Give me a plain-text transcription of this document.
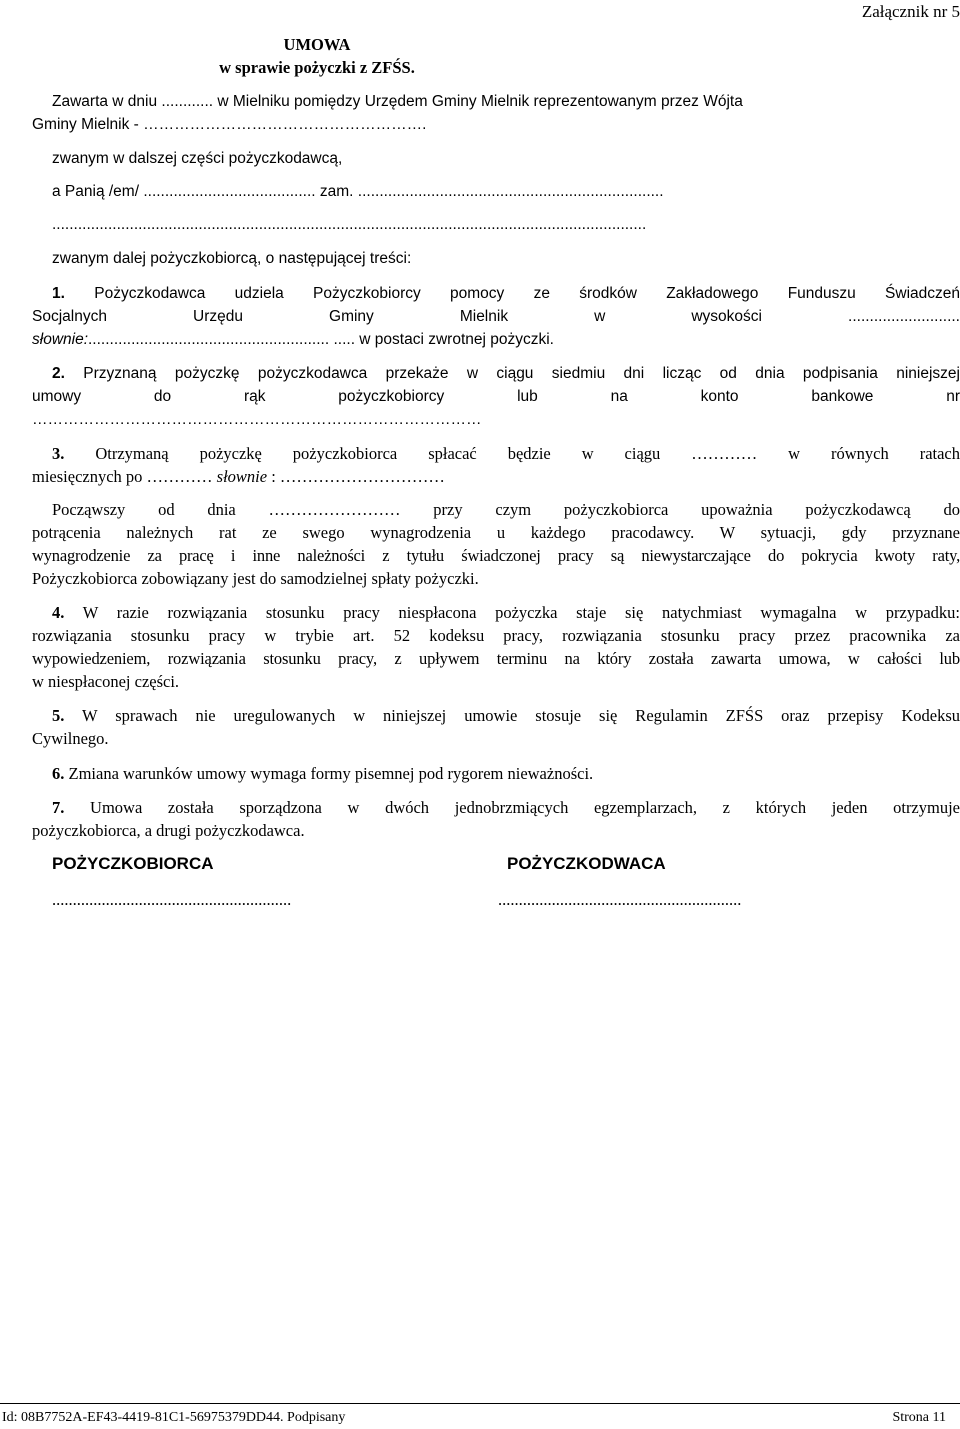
Załącznik nr 5
UMOWA
w sprawie pożyczki z ZFŚS.
Zawarta w dniu ............ w Mielniku pomiędzy Urzędem Gminy Mielnik reprezentowanym przez Wójta
Gminy Mielnik - ……………………………………………….
zwanym w dalszej części pożyczkodawcą,
a Panią /em/ ........................................ zam. .......................................................................
..........................................................................................................................................
zwanym dalej pożyczkobiorcą, o następującej treści:
1. Pożyczkodawca udziela Pożyczkobiorcy pomocy ze środków Zakładowego Funduszu Świadczeń
Socjalnych Urzędu Gminy Mielnik w wysokości ..........................
słownie:........................................................ ..... w postaci zwrotnej pożyczki.
2. Przyznaną pożyczkę pożyczkodawca przekaże w ciągu siedmiu dni licząc od dnia podpisania niniejszej
umowy do rąk pożyczkobiorcy lub na konto bankowe nr
……………………………………………………………………………
3. Otrzymaną pożyczkę pożyczkobiorca spłacać będzie w ciągu ………… w równych ratach
miesięcznych po ………… słownie : …………………………
Począwszy od dnia …………………… przy czym pożyczkobiorca upoważnia pożyczkodawcą do
potrącenia należnych rat ze swego wynagrodzenia u każdego pracodawcy. W sytuacji, gdy przyznane
wynagrodzenie za pracę i inne należności z tytułu świadczonej pracy są niewystarczające do pokrycia kwoty raty,
Pożyczkobiorca zobowiązany jest do samodzielnej spłaty pożyczki.
4. W razie rozwiązania stosunku pracy niespłacona pożyczka staje się natychmiast wymagalna w przypadku:
rozwiązania stosunku pracy w trybie art. 52 kodeksu pracy, rozwiązania stosunku pracy przez pracownika za
wypowiedzeniem, rozwiązania stosunku pracy, z upływem terminu na który została zawarta umowa, w całości lub
w niespłaconej części.
5. W sprawach nie uregulowanych w niniejszej umowie stosuje się Regulamin ZFŚS oraz przepisy Kodeksu
Cywilnego.
6. Zmiana warunków umowy wymaga formy pisemnej pod rygorem nieważności.
7. Umowa została sporządzona w dwóch jednobrzmiących egzemplarzach, z których jeden otrzymuje
pożyczkobiorca, a drugi pożyczkodawca.
POŻYCZKOBIORCA	POŻYCZKODWACA
..........................................................	...........................................................
Id: 08B7752A-EF43-4419-81C1-56975379DD44. Podpisany	Strona 11
